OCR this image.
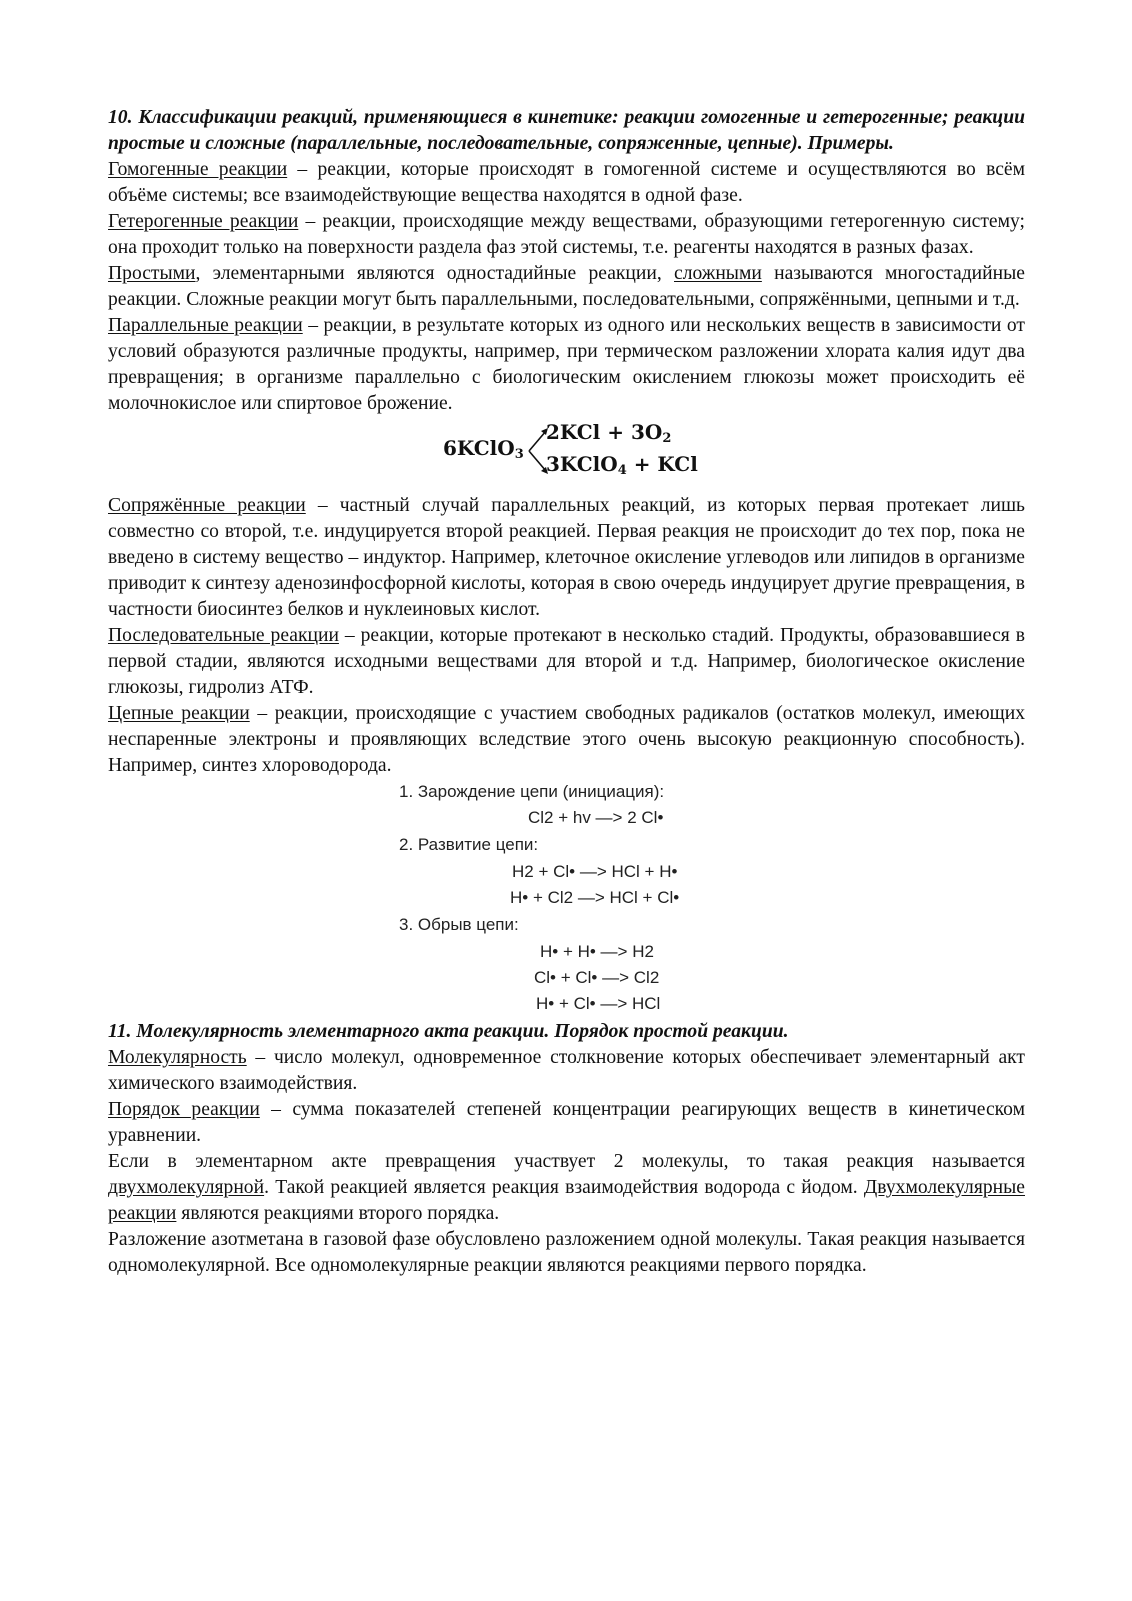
10. Классификации реакций, применяющиеся в кинетике: реакции гомогенные и гетерогенные; реакции простые и сложные (параллельные, последовательные, сопряженные, цепные). Примеры.

Гомогенные реакции – реакции, которые происходят в гомогенной системе и осуществляются во всём объёме системы; все взаимодействующие вещества находятся в одной фазе.

Гетерогенные реакции – реакции, происходящие между веществами, образующими гетерогенную систему; она проходит только на поверхности раздела фаз этой системы, т.е. реагенты находятся в разных фазах.

Простыми, элементарными являются одностадийные реакции, сложными называются многостадийные реакции. Сложные реакции могут быть параллельными, последовательными, сопряжёнными, цепными и т.д.

Параллельные реакции – реакции, в результате которых из одного или нескольких веществ в зависимости от условий образуются различные продукты, например, при термическом разложении хлората калия идут два превращения; в организме параллельно с биологическим окислением глюкозы может происходить её молочнокислое или спиртовое брожение.

6KClO$_3$
$2KCl + 3O_2$
3KClO$_4$ + KCl

Сопряжённые реакции – частный случай параллельных реакций, из которых первая протекает лишь совместно со второй, т.е. индуцируется второй реакцией. Первая реакция не происходит до тех пор, пока не введено в систему вещество – индуктор. Например, клеточное окисление углеводов или липидов в организме приводит к синтезу аденозинфосфорной кислоты, которая в свою очередь индуцирует другие превращения, в частности биосинтез белков и нуклеиновых кислот.

Последовательные реакции – реакции, которые протекают в несколько стадий. Продукты, образовавшиеся в первой стадии, являются исходными веществами для второй и т.д. Например, биологическое окисление глюкозы, гидролиз АТФ.

Цепные реакции – реакции, происходящие с участием свободных радикалов (остатков молекул, имеющих неспаренные электроны и проявляющих вследствие этого очень высокую реакционную способность). Например, синтез хлороводорода.

1. Зарождение цепи (инициация):
Cl2 + hv —> 2 Cl•
2. Развитие цепи:
H2 + Cl• —> HCl + H•
H• + Cl2 —> HCl + Cl•
3. Обрыв цепи:
H• + H• —> H2
Cl• + Cl• —> Cl2
H• + Cl• —> HCl

11. Молекулярность элементарного акта реакции. Порядок простой реакции.

Молекулярность – число молекул, одновременное столкновение которых обеспечивает элементарный акт химического взаимодействия.

Порядок реакции – сумма показателей степеней концентрации реагирующих веществ в кинетическом уравнении.

Если в элементарном акте превращения участвует 2 молекулы, то такая реакция называется двухмолекулярной. Такой реакцией является реакция взаимодействия водорода с йодом. Двухмолекулярные реакции являются реакциями второго порядка.

Разложение азотметана в газовой фазе обусловлено разложением одной молекулы. Такая реакция называется одномолекулярной. Все одномолекулярные реакции являются реакциями первого порядка.
